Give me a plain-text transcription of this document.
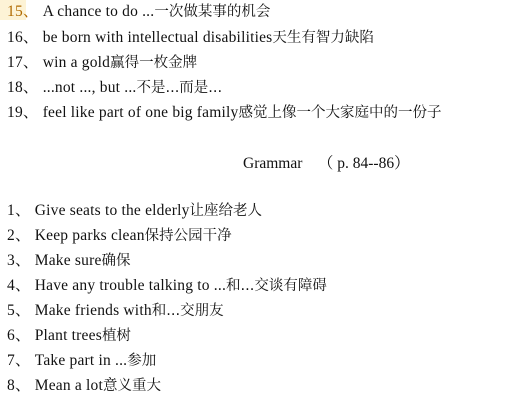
15、 A chance to do ...一次做某事的机会
16、 be born with intellectual disabilities天生有智力缺陷
17、 win a gold赢得一枚金牌
18、 ...not ..., but ...不是...而是...
19、 feel like part of one big family感觉上像一个大家庭中的一份子
Grammar （ p. 84--86）
1、 Give seats to the elderly让座给老人
2、 Keep parks clean保持公园干净
3、 Make sure确保
4、 Have any trouble talking to ...和...交谈有障碍
5、 Make friends with和...交朋友
6、 Plant trees植树
7、 Take part in ...参加
8、 Mean a lot意义重大
